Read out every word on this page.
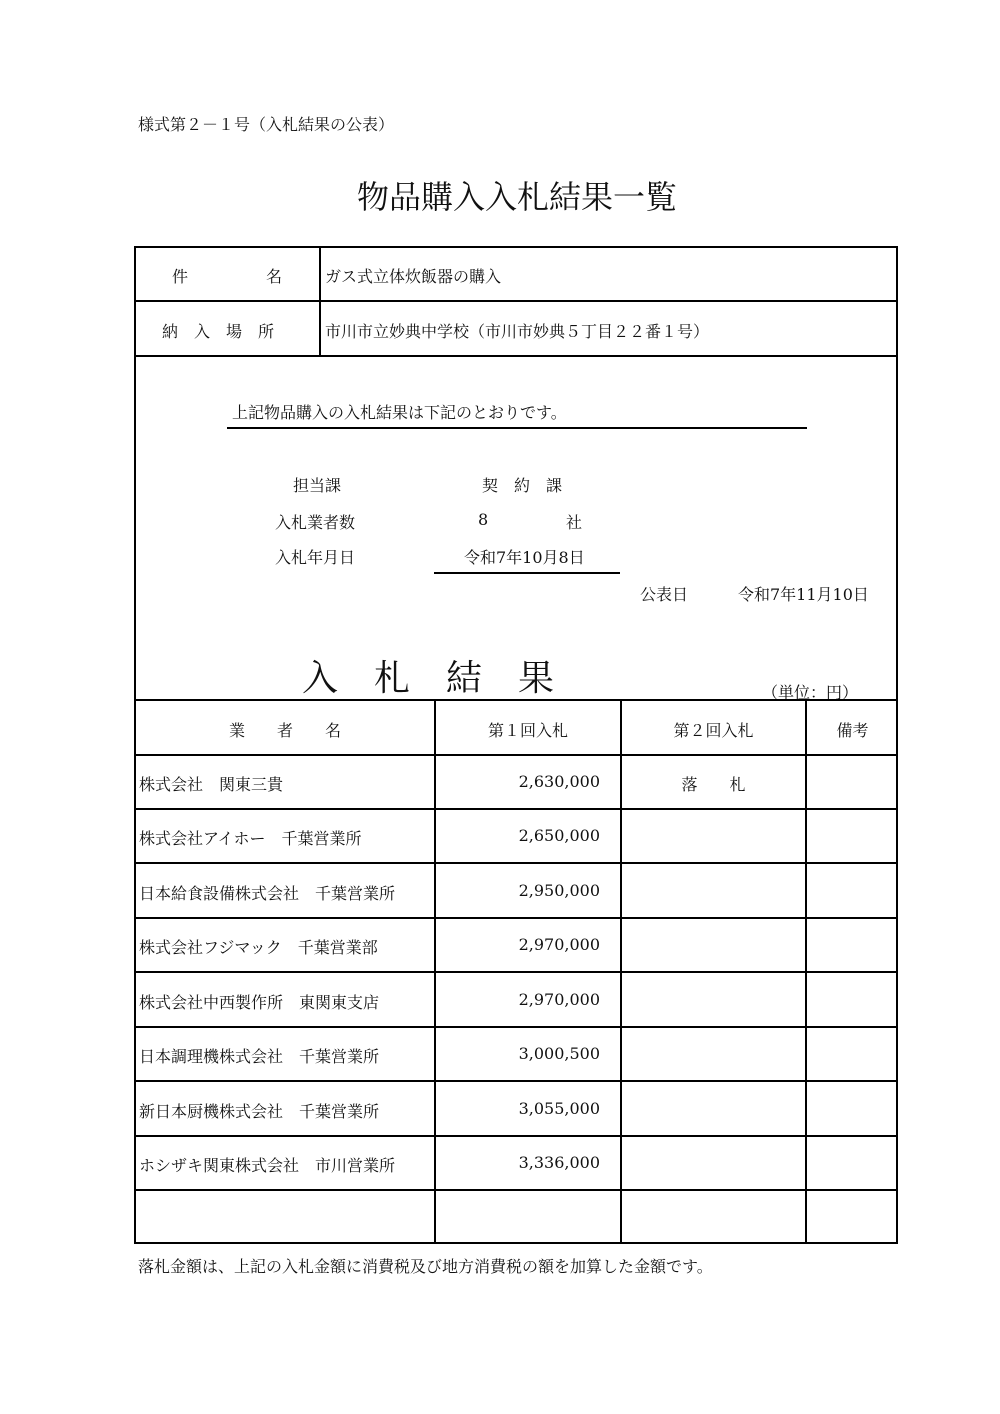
様式第２－１号（入札結果の公表）
物品購入入札結果一覧
件	名	ガス式立体炊飯器の購入
納　入　場　所	市川市立妙典中学校（市川市妙典５丁目２２番１号）
上記物品購入の入札結果は下記のとおりです。
担当課	契　約　課
入札業者数	8	社
入札年月日	令和7年10月8日
公表日	令和7年11月10日
入　札　結　果	（単位：円）
業　　者　　名	第１回入札	第２回入札	備考
株式会社　関東三貴	2,630,000	落　　札
株式会社アイホー　千葉営業所	2,650,000
日本給食設備株式会社　千葉営業所	2,950,000
株式会社フジマック　千葉営業部	2,970,000
株式会社中西製作所　東関東支店	2,970,000
日本調理機株式会社　千葉営業所	3,000,500
新日本厨機株式会社　千葉営業所	3,055,000
ホシザキ関東株式会社　市川営業所	3,336,000
落札金額は、上記の入札金額に消費税及び地方消費税の額を加算した金額です。
